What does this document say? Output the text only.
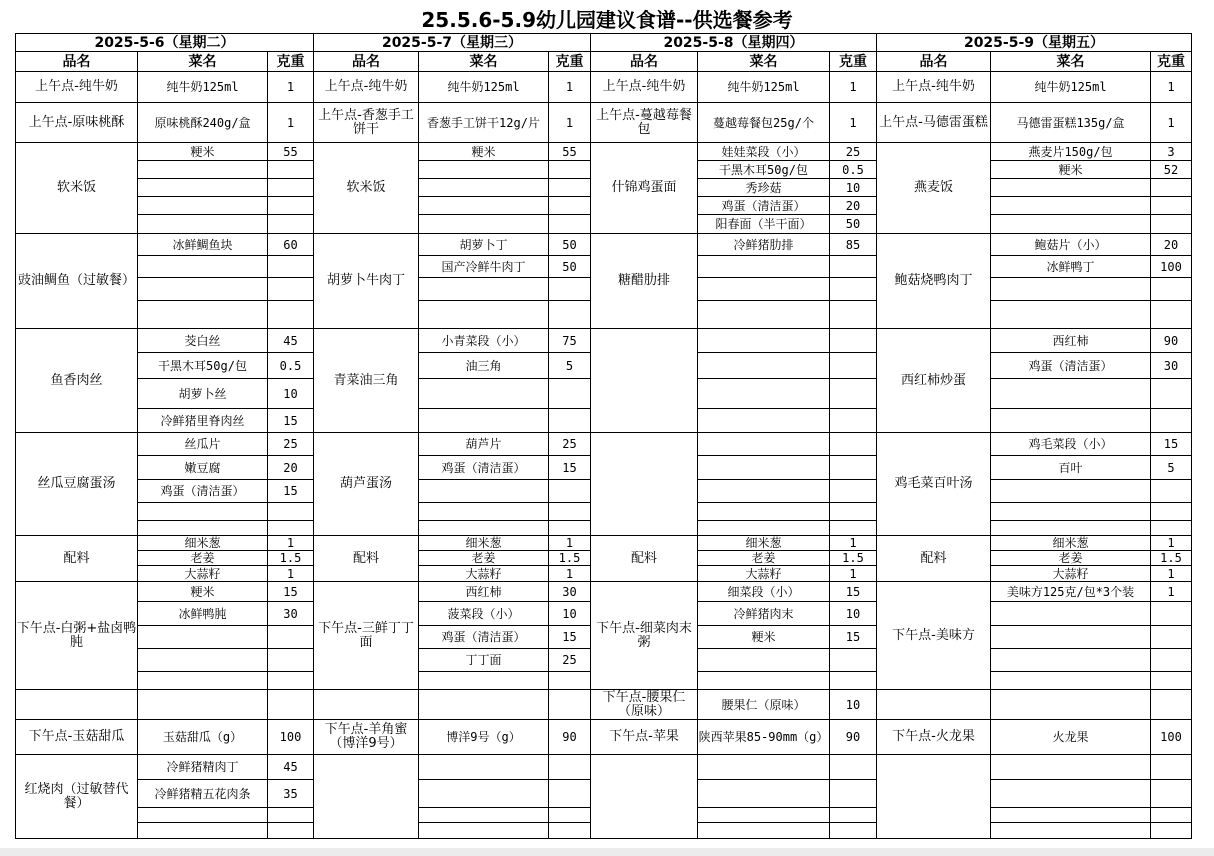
25.5.6-5.9幼儿园建议食谱--供选餐参考
2025-5-6（星期二）
品名	菜名	克重
上午点-纯牛奶	纯牛奶125ml	1
上午点-原味桃酥	原味桃酥240g/盒	1
软米饭
粳米	55
豉油鲷鱼（过敏餐）
冰鲜鲷鱼块	60
鱼香肉丝
茭白丝	45
干黑木耳50g/包	0.5
胡萝卜丝	10
冷鲜猪里脊肉丝	15
丝瓜豆腐蛋汤
丝瓜片	25
嫩豆腐	20
鸡蛋（清洁蛋）	15
配料
细米葱	1
老姜	1.5
大蒜籽	1
下午点-白粥+盐卤鸭肫
粳米	15
冰鲜鸭肫	30
下午点-玉菇甜瓜	玉菇甜瓜（g）	100
红烧肉（过敏替代餐）
冷鲜猪精肉丁	45
冷鲜猪精五花肉条	35
2025-5-7（星期三）
品名	菜名	克重
上午点-纯牛奶	纯牛奶125ml	1
上午点-香葱手工饼干	香葱手工饼干12g/片	1
软米饭
粳米	55
胡萝卜牛肉丁
胡萝卜丁	50
国产冷鲜牛肉丁	50
青菜油三角
小青菜段（小）	75
油三角	5
葫芦蛋汤
葫芦片	25
鸡蛋（清洁蛋）	15
配料
细米葱	1
老姜	1.5
大蒜籽	1
下午点-三鲜丁丁面
西红柿	30
菠菜段（小）	10
鸡蛋（清洁蛋）	15
丁丁面	25
下午点-羊角蜜（博洋9号）	博洋9号（g）	90
2025-5-8（星期四）
品名	菜名	克重
上午点-纯牛奶	纯牛奶125ml	1
上午点-蔓越莓餐包	蔓越莓餐包25g/个	1
什锦鸡蛋面
娃娃菜段（小）	25
干黑木耳50g/包	0.5
秀珍菇	10
鸡蛋（清洁蛋）	20
阳春面（半干面）	50
糖醋肋排
冷鲜猪肋排	85
配料
细米葱	1
老姜	1.5
大蒜籽	1
下午点-细菜肉末粥
细菜段（小）	15
冷鲜猪肉末	10
粳米	15
下午点-腰果仁（原味）	腰果仁（原味）	10
下午点-苹果	陕西苹果85-90mm（g）	90
2025-5-9（星期五）
品名	菜名	克重
上午点-纯牛奶	纯牛奶125ml	1
上午点-马德雷蛋糕	马德雷蛋糕135g/盒	1
燕麦饭
燕麦片150g/包	3
粳米	52
鲍菇烧鸭肉丁
鲍菇片（小）	20
冰鲜鸭丁	100
西红柿炒蛋
西红柿	90
鸡蛋（清洁蛋）	30
鸡毛菜百叶汤
鸡毛菜段（小）	15
百叶	5
配料
细米葱	1
老姜	1.5
大蒜籽	1
下午点-美味方
美味方125克/包*3个装	1
下午点-火龙果	火龙果	100
